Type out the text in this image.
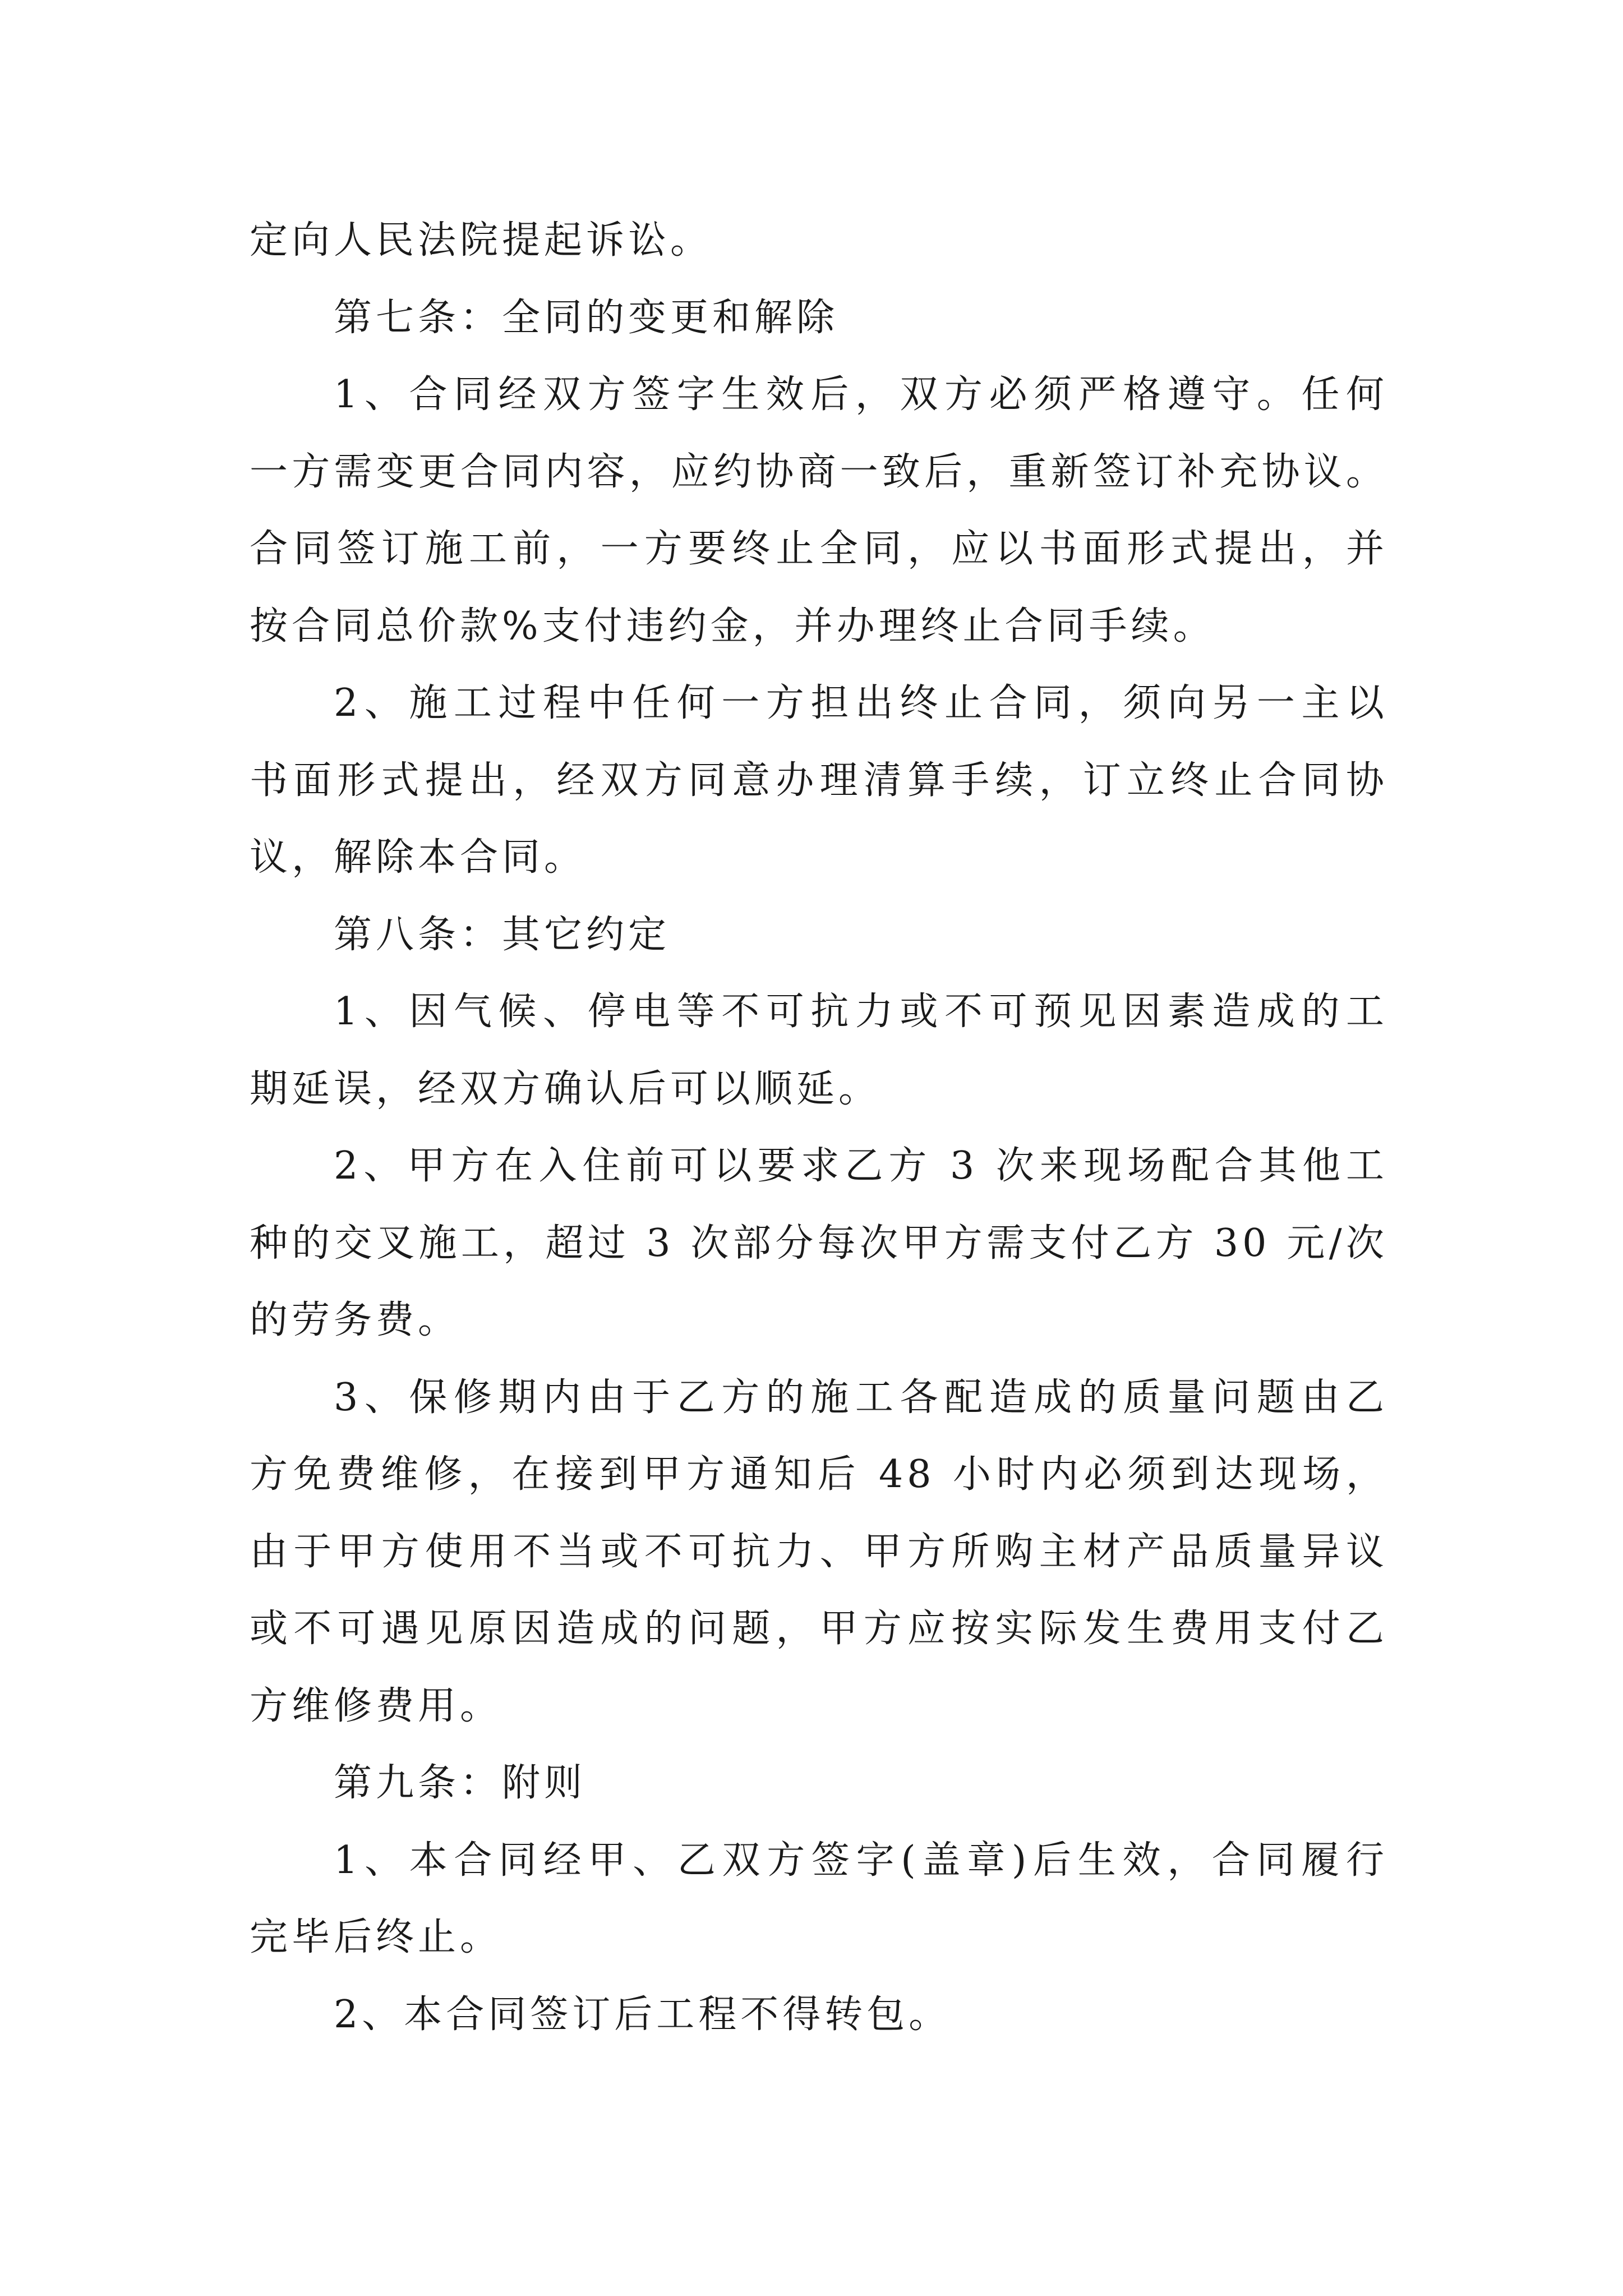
定向人民法院提起诉讼。

第七条：全同的变更和解除

1、合同经双方签字生效后，双方必须严格遵守。任何
一方需变更合同内容，应约协商一致后，重新签订补充协议。
合同签订施工前，一方要终止全同，应以书面形式提出，并
按合同总价款%支付违约金，并办理终止合同手续。

2、施工过程中任何一方担出终止合同，须向另一主以
书面形式提出，经双方同意办理清算手续，订立终止合同协
议，解除本合同。

第八条：其它约定

1、因气候、停电等不可抗力或不可预见因素造成的工
期延误，经双方确认后可以顺延。

2、甲方在入住前可以要求乙方 3 次来现场配合其他工
种的交叉施工，超过 3 次部分每次甲方需支付乙方 30 元/次
的劳务费。

3、保修期内由于乙方的施工各配造成的质量问题由乙
方免费维修，在接到甲方通知后 48 小时内必须到达现场，
由于甲方使用不当或不可抗力、甲方所购主材产品质量异议
或不可遇见原因造成的问题，甲方应按实际发生费用支付乙
方维修费用。

第九条：附则

1、本合同经甲、乙双方签字(盖章)后生效，合同履行
完毕后终止。

2、本合同签订后工程不得转包。
